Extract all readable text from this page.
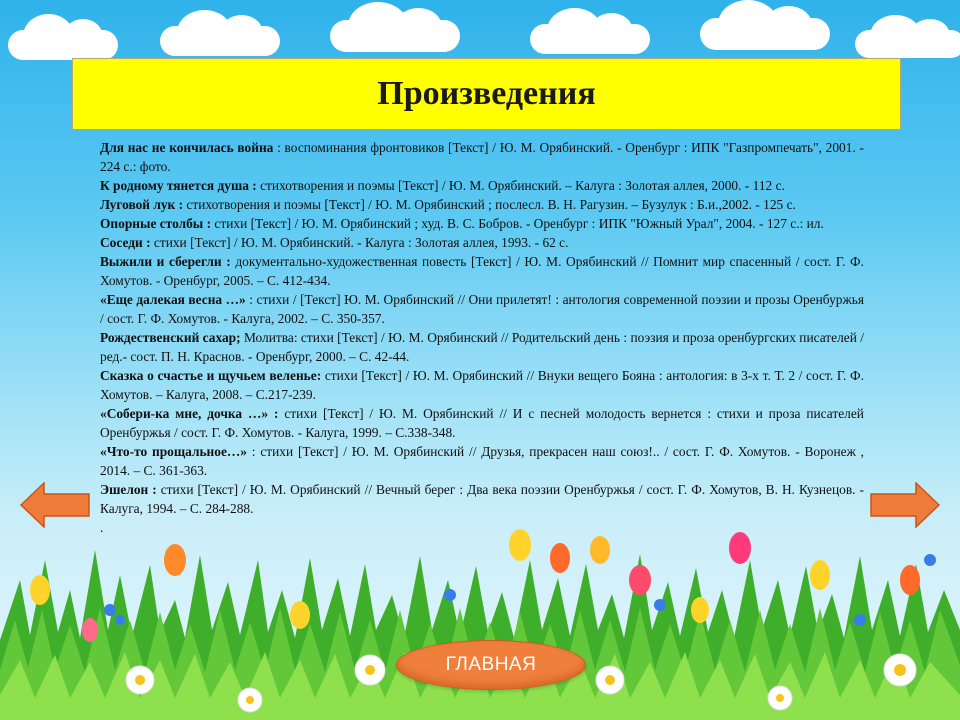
Произведения

Для нас не кончилась война : воспоминания фронтовиков [Текст] / Ю. М. Орябинский. - Оренбург : ИПК "Газпромпечать", 2001. - 224 с.: фото.

К родному тянется душа : стихотворения и поэмы [Текст] / Ю. М. Орябинский. – Калуга : Золотая аллея, 2000. - 112 с.

Луговой лук : стихотворения и поэмы [Текст] / Ю. М. Орябинский ; послесл. В. Н. Рагузин. – Бузулук : Б.и.,2002. - 125 с.

Опорные столбы : стихи [Текст] / Ю. М. Орябинский ; худ. В. С. Бобров. - Оренбург : ИПК "Южный Урал", 2004. - 127 с.: ил.

Соседи : стихи [Текст] / Ю. М. Орябинский. - Калуга : Золотая аллея, 1993. - 62 с.

Выжили и сберегли : документально-художественная повесть [Текст] / Ю. М. Орябинский // Помнит мир спасенный / сост. Г. Ф. Хомутов. - Оренбург, 2005. – С. 412-434.

«Еще далекая весна …» : стихи / [Текст] Ю. М. Орябинский // Они прилетят! : антология современной поэзии и прозы Оренбуржья / сост. Г. Ф. Хомутов. - Калуга, 2002. – С. 350-357.

Рождественский сахар; Молитва: стихи [Текст] / Ю. М. Орябинский // Родительский день : поэзия и проза оренбургских писателей / ред.- сост. П. Н. Краснов. - Оренбург, 2000. – С. 42-44.

Сказка о счастье и щучьем веленье: стихи [Текст] / Ю. М. Орябинский // Внуки вещего Бояна : антология: в 3-х т. Т. 2 / сост. Г. Ф. Хомутов. – Калуга, 2008. – С.217-239.

«Собери-ка мне, дочка …» : стихи [Текст] / Ю. М. Орябинский // И с песней молодость вернется : стихи и проза писателей Оренбуржья / сост. Г. Ф. Хомутов. - Калуга, 1999. – С.338-348.

«Что-то прощальное…» : стихи [Текст] / Ю. М. Орябинский // Друзья, прекрасен наш союз!.. / сост. Г. Ф. Хомутов. - Воронеж , 2014. – С. 361-363.

Эшелон : стихи [Текст] / Ю. М. Орябинский // Вечный берег : Два века поэзии Оренбуржья / сост. Г. Ф. Хомутов, В. Н. Кузнецов. - Калуга, 1994. – С. 284-288.

.

ГЛАВНАЯ
